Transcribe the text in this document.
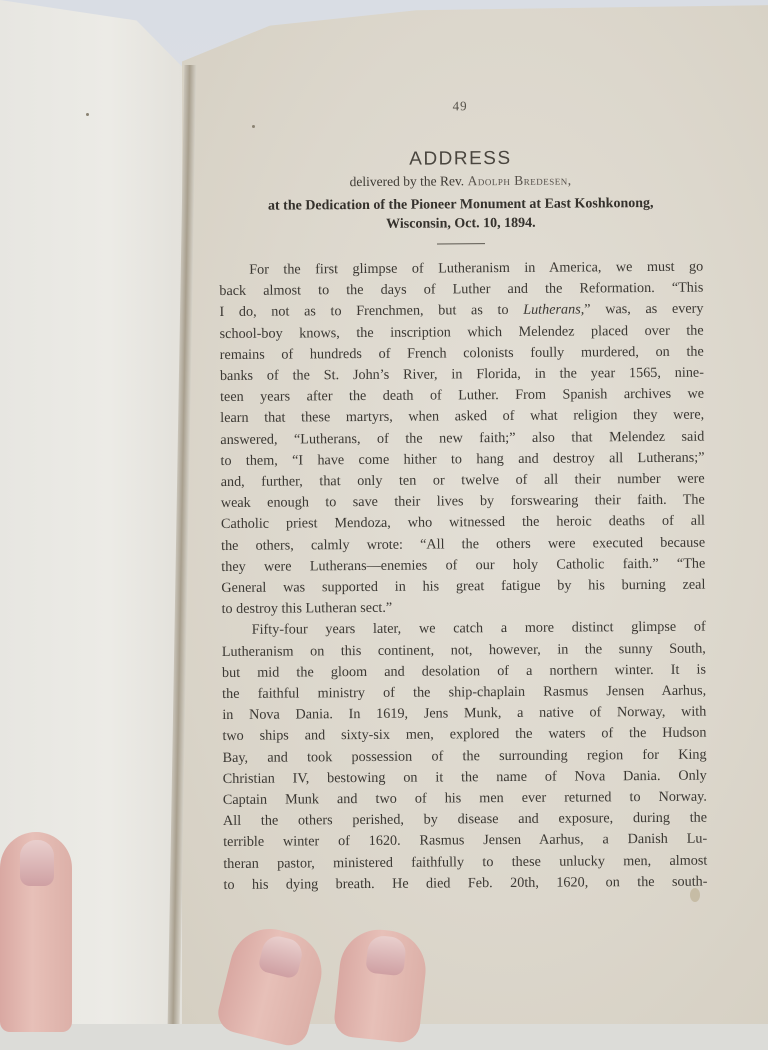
49
ADDRESS
delivered by the Rev. Adolph Bredesen,
at the Dedication of the Pioneer Monument at East Koshkonong,
Wisconsin, Oct. 10, 1894.

For the first glimpse of Lutheranism in America, we must go
back almost to the days of Luther and the Reformation. “This
I do, not as to Frenchmen, but as to Lutherans,” was, as every
school-boy knows, the inscription which Melendez placed over the
remains of hundreds of French colonists foully murdered, on the
banks of the St. John’s River, in Florida, in the year 1565, nine-
teen years after the death of Luther. From Spanish archives we
learn that these martyrs, when asked of what religion they were,
answered, “Lutherans, of the new faith;” also that Melendez said
to them, “I have come hither to hang and destroy all Lutherans;”
and, further, that only ten or twelve of all their number were
weak enough to save their lives by forswearing their faith. The
Catholic priest Mendoza, who witnessed the heroic deaths of all
the others, calmly wrote: “All the others were executed because
they were Lutherans—enemies of our holy Catholic faith.” “The
General was supported in his great fatigue by his burning zeal
to destroy this Lutheran sect.”

Fifty-four years later, we catch a more distinct glimpse of
Lutheranism on this continent, not, however, in the sunny South,
but mid the gloom and desolation of a northern winter. It is
the faithful ministry of the ship-chaplain Rasmus Jensen Aarhus,
in Nova Dania. In 1619, Jens Munk, a native of Norway, with
two ships and sixty-six men, explored the waters of the Hudson
Bay, and took possession of the surrounding region for King
Christian IV, bestowing on it the name of Nova Dania. Only
Captain Munk and two of his men ever returned to Norway.
All the others perished, by disease and exposure, during the
terrible winter of 1620. Rasmus Jensen Aarhus, a Danish Lu-
theran pastor, ministered faithfully to these unlucky men, almost
to his dying breath. He died Feb. 20th, 1620, on the south-
